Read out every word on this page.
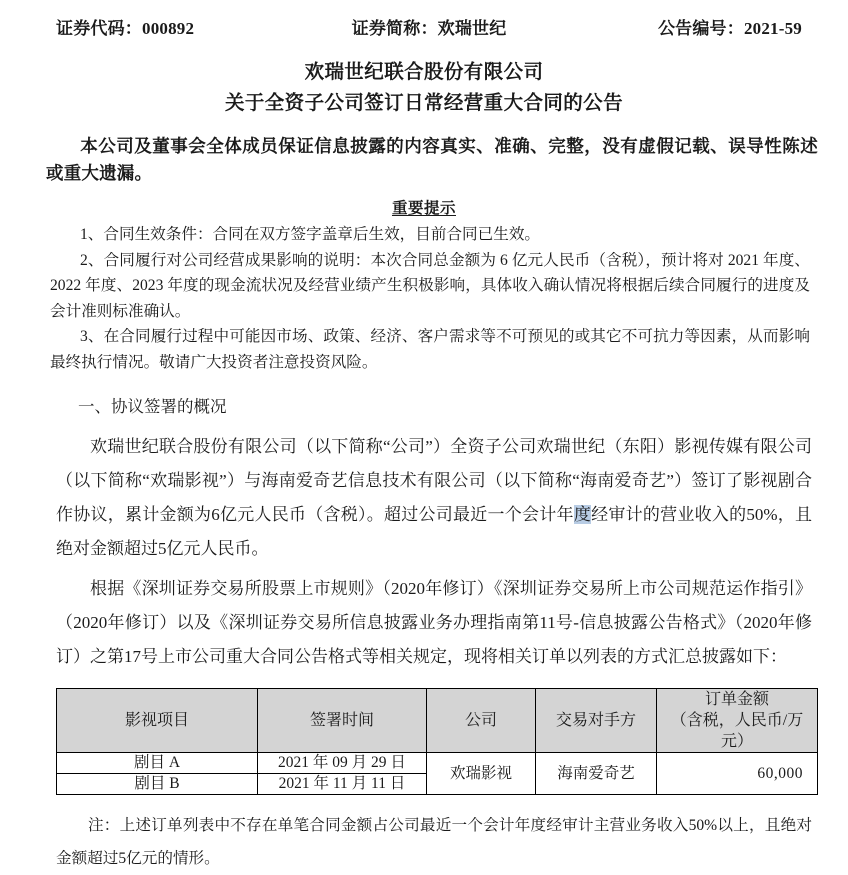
证券代码：000892	证券简称：欢瑞世纪	公告编号：2021-59
欢瑞世纪联合股份有限公司
关于全资子公司签订日常经营重大合同的公告
本公司及董事会全体成员保证信息披露的内容真实、准确、完整，没有虚假记载、误导性陈述或重大遗漏。
重要提示

1、合同生效条件：合同在双方签字盖章后生效，目前合同已生效。

2、合同履行对公司经营成果影响的说明：本次合同总金额为 6 亿元人民币（含税），预计将对 2021 年度、2022 年度、2023 年度的现金流状况及经营业绩产生积极影响，具体收入确认情况将根据后续合同履行的进度及会计准则标准确认。

3、在合同履行过程中可能因市场、政策、经济、客户需求等不可预见的或其它不可抗力等因素，从而影响最终执行情况。敬请广大投资者注意投资风险。

一、协议签署的概况
欢瑞世纪联合股份有限公司（以下简称“公司”）全资子公司欢瑞世纪（东阳）影视传媒有限公司（以下简称“欢瑞影视”）与海南爱奇艺信息技术有限公司（以下简称“海南爱奇艺”）签订了影视剧合作协议，累计金额为6亿元人民币（含税）。超过公司最近一个会计年度经审计的营业收入的50%，且绝对金额超过5亿元人民币。
根据《深圳证券交易所股票上市规则》（2020年修订）《深圳证券交易所上市公司规范运作指引》（2020年修订）以及《深圳证券交易所信息披露业务办理指南第11号-信息披露公告格式》（2020年修订）之第17号上市公司重大合同公告格式等相关规定，现将相关订单以列表的方式汇总披露如下：
影视项目	签署时间	公司	交易对手方	订单金额
（含税，人民币/万元）

剧目 A	2021 年 09 月 29 日	欢瑞影视	海南爱奇艺	60,000
剧目 B	2021 年 11 月 11 日			
注：上述订单列表中不存在单笔合同金额占公司最近一个会计年度经审计主营业务收入50%以上，且绝对金额超过5亿元的情形。
